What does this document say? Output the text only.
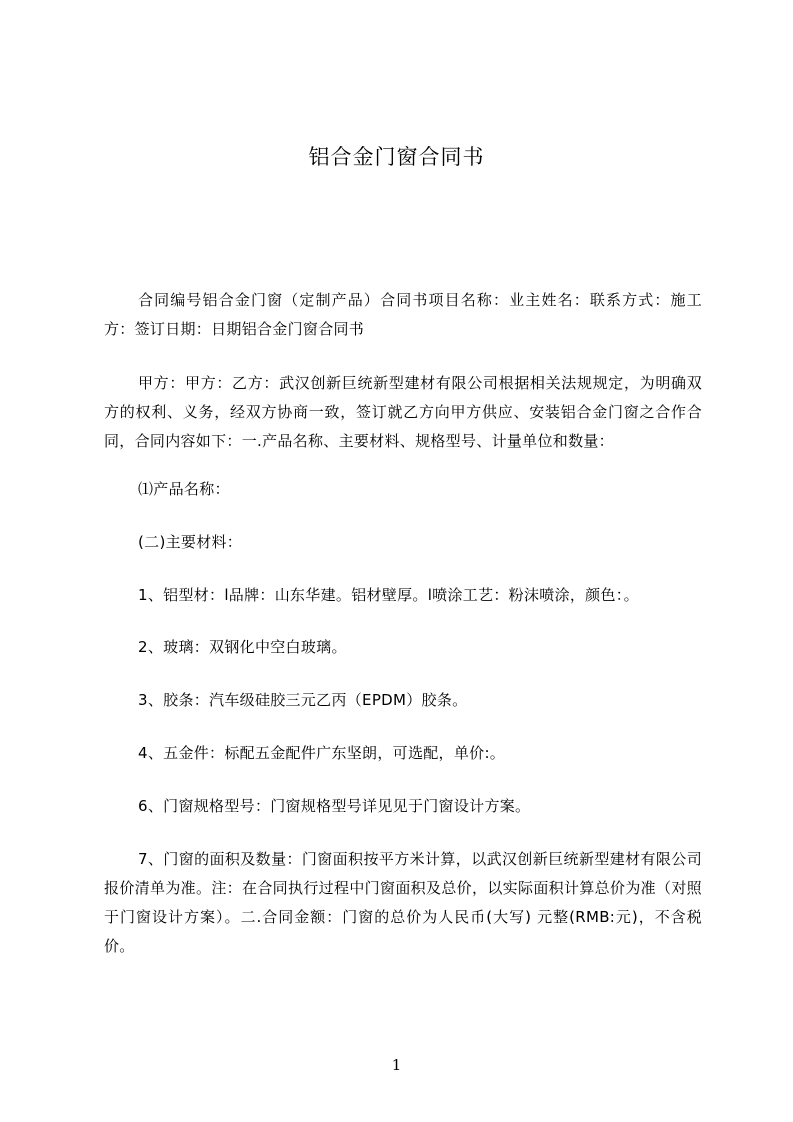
铝合金门窗合同书

合同编号铝合金门窗（定制产品）合同书项目名称：业主姓名：联系方式：施工方：签订日期：日期铝合金门窗合同书

甲方：甲方：乙方：武汉创新巨统新型建材有限公司根据相关法规规定，为明确双方的权利、义务，经双方协商一致，签订就乙方向甲方供应、安装铝合金门窗之合作合同，合同内容如下：一.产品名称、主要材料、规格型号、计量单位和数量：

⑴产品名称：

(二)主要材料：

1、铝型材：l品牌：山东华建。铝材壁厚。l喷涂工艺：粉沫喷涂，颜色：。

2、玻璃：双钢化中空白玻璃。

3、胶条：汽车级硅胶三元乙丙（EPDM）胶条。

4、五金件：标配五金配件广东坚朗，可选配，单价:。

6、门窗规格型号：门窗规格型号详见见于门窗设计方案。

7、门窗的面积及数量：门窗面积按平方米计算，以武汉创新巨统新型建材有限公司报价清单为准。注：在合同执行过程中门窗面积及总价，以实际面积计算总价为准（对照于门窗设计方案）。二.合同金额：门窗的总价为人民币(大写) 元整(RMB:元)，不含税价。

1
